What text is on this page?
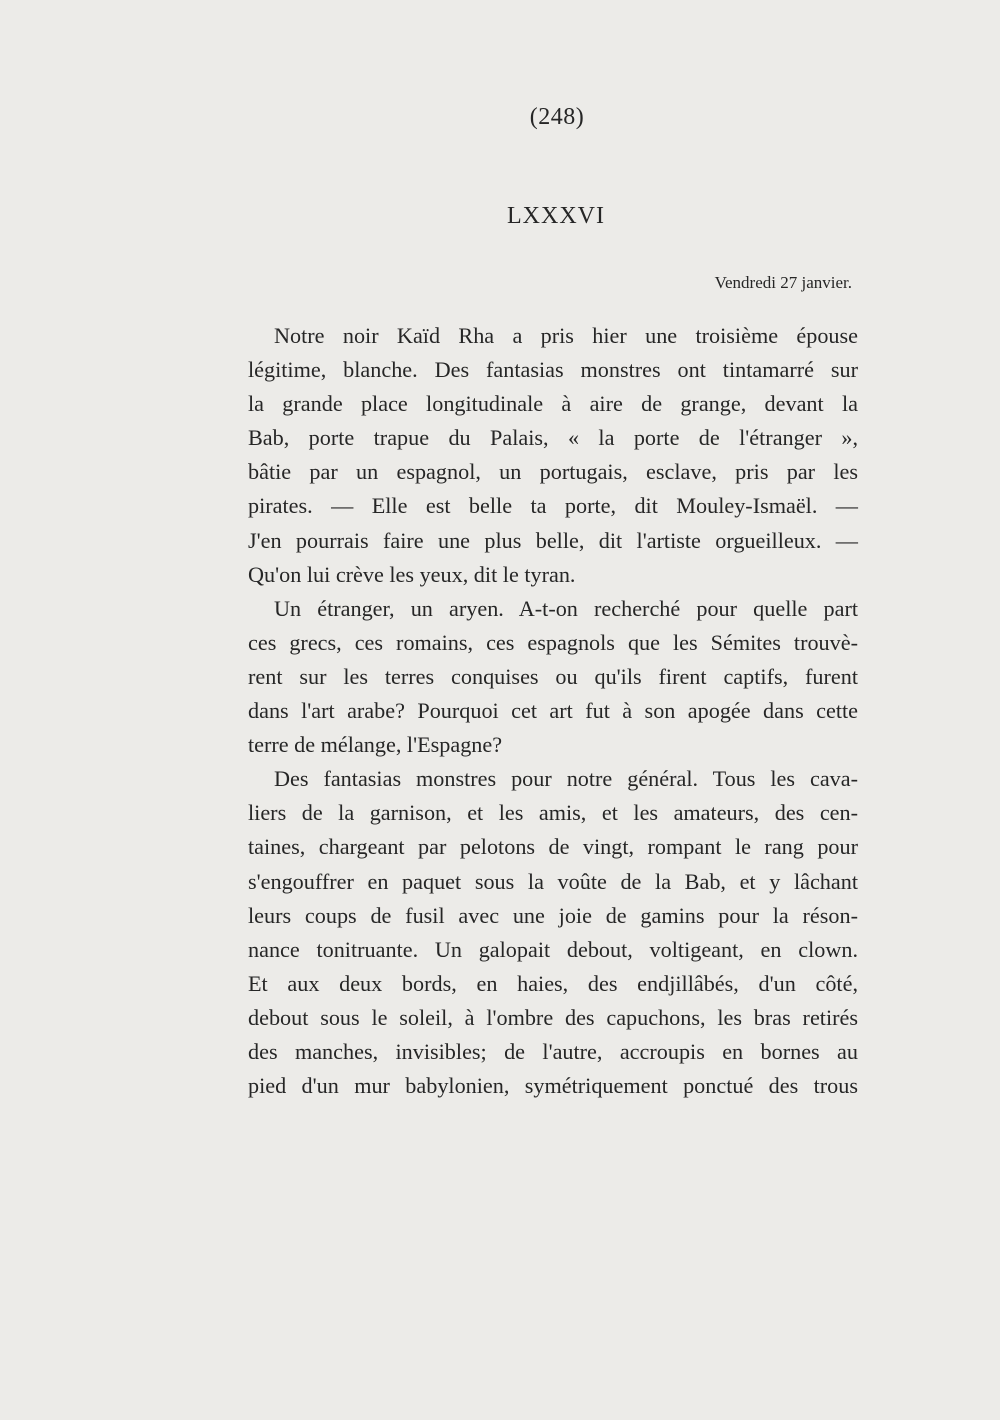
(248)
LXXXVI
Vendredi 27 janvier.

Notre noir Kaïd Rha a pris hier une troisième épouse
légitime, blanche. Des fantasias monstres ont tintamarré sur
la grande place longitudinale à aire de grange, devant la
Bab, porte trapue du Palais, « la porte de l'étranger »,
bâtie par un espagnol, un portugais, esclave, pris par les
pirates. — Elle est belle ta porte, dit Mouley-Ismaël. —
J'en pourrais faire une plus belle, dit l'artiste orgueilleux. —
Qu'on lui crève les yeux, dit le tyran.

Un étranger, un aryen. A-t-on recherché pour quelle part
ces grecs, ces romains, ces espagnols que les Sémites trouvè-
rent sur les terres conquises ou qu'ils firent captifs, furent
dans l'art arabe? Pourquoi cet art fut à son apogée dans cette
terre de mélange, l'Espagne?

Des fantasias monstres pour notre général. Tous les cava-
liers de la garnison, et les amis, et les amateurs, des cen-
taines, chargeant par pelotons de vingt, rompant le rang pour
s'engouffrer en paquet sous la voûte de la Bab, et y lâchant
leurs coups de fusil avec une joie de gamins pour la réson-
nance tonitruante. Un galopait debout, voltigeant, en clown.
Et aux deux bords, en haies, des endjillâbés, d'un côté,
debout sous le soleil, à l'ombre des capuchons, les bras retirés
des manches, invisibles; de l'autre, accroupis en bornes au
pied d'un mur babylonien, symétriquement ponctué des trous
